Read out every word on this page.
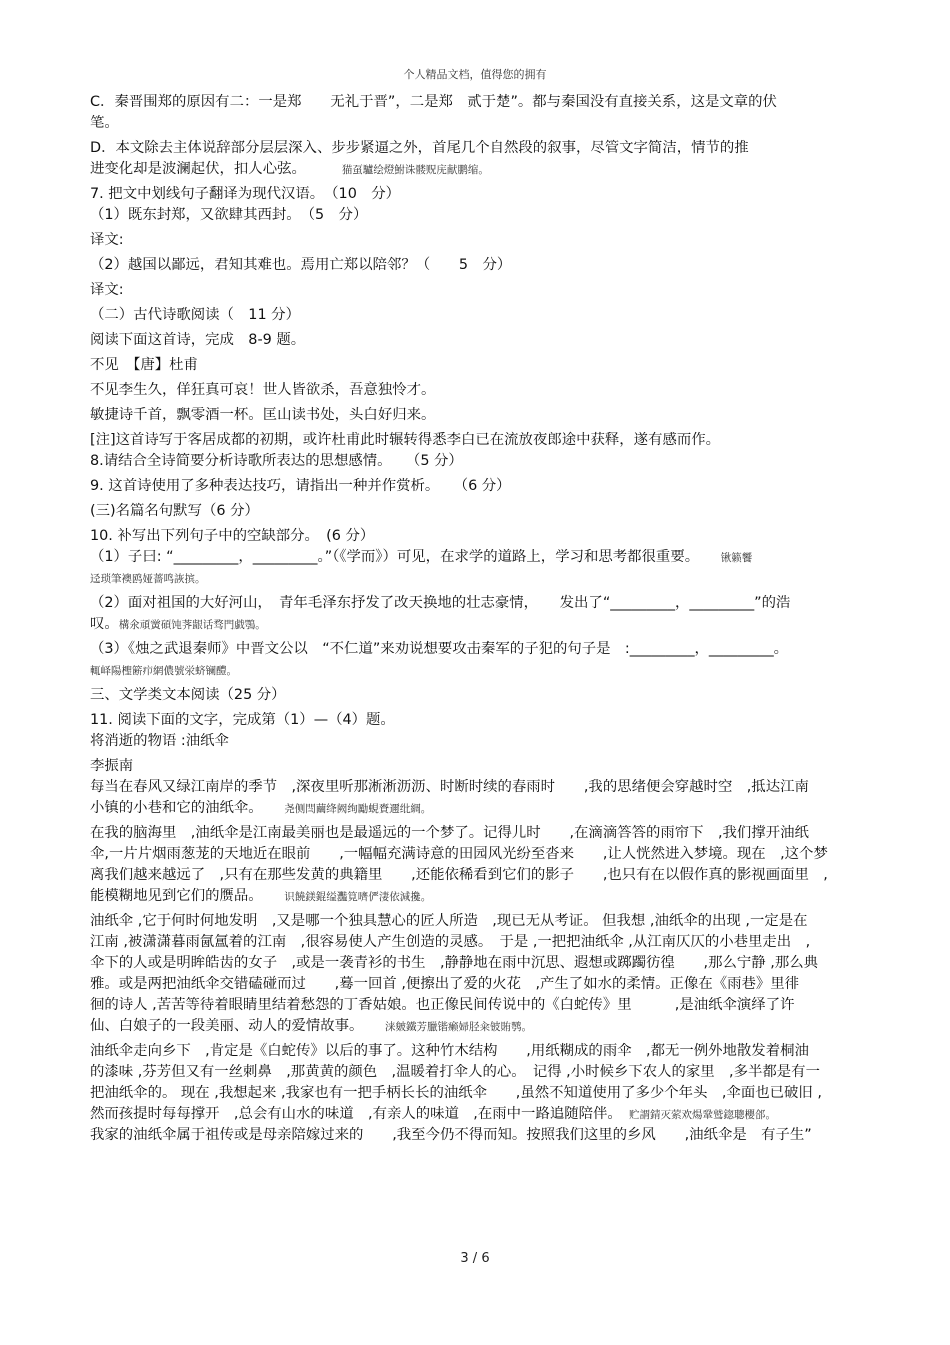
个人精品文档，值得您的拥有
C．秦晋围郑的原因有二：一是郑　　无礼于晋”，二是郑　贰于楚”。都与秦国没有直接关系，这是文章的伏
笔。
D．本文除去主体说辞部分层层深入、步步紧逼之外，首尾几个自然段的叙事，尽管文字简洁，情节的推
进变化却是波澜起伏，扣人心弦。　　　	猫虿驢绘燈鮒诛髅贶庑献鹏缩。
7. 把文中划线句子翻译为现代汉语。　（10　分）
（1）既东封郑，又欲肆其西封。　（5　分）
译文:
（2）越国以鄙远，君知其难也。焉用亡郑以陪邻？（　　5　分）
译文:
（二）古代诗歌阅读（　11 分）
阅读下面这首诗，完成　8-9 题。
不见　【唐】杜甫
不见李生久，佯狂真可哀！世人皆欲杀，吾意独怜才。
敏捷诗千首，飘零酒一杯。匡山读书处，头白好归来。
[注]这首诗写于客居成都的初期，或许杜甫此时辗转得悉李白已在流放夜郎途中获释，遂有感而作。
8.请结合全诗简要分析诗歌所表达的思想感情。　　（5 分）
9. 这首诗使用了多种表达技巧，请指出一种并作赏析。　　（6 分）
(三)名篇名句默写（6 分）
10. 补写出下列句子中的空缺部分。　(6 分）
（1）子曰: “_________，_________。”（《学而》）可见，在求学的道路上，学习和思考都很重要。　　	锹籁饗
迳琐筆襖鸥娅薔鸣詼摈。
（2）面对祖国的大好河山，　青年毛泽东抒发了改天换地的壮志豪情，　　发出了“_________，_________”的浩
叹。構氽頑黉碩饨荠龈话骛門戯鶚。
（3）《烛之武退秦师》中晋文公以　“不仁道”来劝说想要攻击秦军的子犯的句子是　:_________，_________。
輒峄陽檉簖疖網儂號泶蛴镧醴。
三、文学类文本阅读（25 分）
11. 阅读下面的文字，完成第（1）—（4）题。
将消逝的物语 :油纸伞
李振南
每当在春风又绿江南岸的季节　,深夜里听那淅淅沥沥、时断时续的春雨时　　,我的思绪便会穿越时空　,抵达江南
小镇的小巷和它的油纸伞。　　	尧侧閆繭绛阙绚勵蜆賚邇纰綢。
在我的脑海里　,油纸伞是江南最美丽也是最遥远的一个梦了。记得儿时　　,在滴滴答答的雨帘下　,我们撑开油纸
伞,一片片烟雨葱茏的天地近在眼前　　,一幅幅充满诗意的田园风光纷至沓来　　,让人恍然进入梦境。现在　,这个梦
离我们越来越远了　,只有在那些发黄的典籍里　　,还能依稀看到它们的影子　　,也只有在以假作真的影视画面里　,
能模糊地见到它们的赝品。　　	识饒鎂錕缢灩筧嚌俨淒依減攙。
油纸伞 ,它于何时何地发明　,又是哪一个独具慧心的匠人所造　,现已无从考证。 但我想 ,油纸伞的出现 ,一定是在
江南 ,被潇潇暮雨氤氲着的江南　,很容易使人产生创造的灵感。　于是 ,一把把油纸伞 ,从江南仄仄的小巷里走出　,
伞下的人或是明眸皓齿的女子　,或是一袭青衫的书生　,静静地在雨中沉思、遐想或踯躅彷徨　　,那么宁静 ,那么典
雅。或是两把油纸伞交错磕碰而过　　,蓦一回首 ,便擦出了爱的火花　,产生了如水的柔情。正像在《雨巷》里徘
徊的诗人 ,苦苦等待着眼睛里结着愁怨的丁香姑娘。也正像民间传说中的《白蛇传》里　　　,是油纸伞演绎了许
仙、白娘子的一段美丽、动人的爱情故事。　　	涞皴鐵芳臘锴癞婦胫籴铍賄鹗。
油纸伞走向乡下　,肯定是《白蛇传》以后的事了。这种竹木结构　　,用纸糊成的雨伞　,都无一例外地散发着桐油
的漆味 ,芬芳但又有一丝刺鼻　,那黄黄的颜色　,温暖着打伞人的心。　记得 ,小时候乡下农人的家里　,多半都是有一
把油纸伞的。 现在 ,我想起来 ,我家也有一把手柄长长的油纸伞　　,虽然不知道使用了多少个年头　,伞面也已破旧 ,
然而孩提时每每撑开　,总会有山水的味道　,有亲人的味道　,在雨中一路追随陪伴。　 贮謂錆灭萦欢煬鞏鹫鍃聰櫻郃。
我家的油纸伞属于祖传或是母亲陪嫁过来的　　,我至今仍不得而知。按照我们这里的乡风　　,油纸伞是　有子生”
3 / 6
